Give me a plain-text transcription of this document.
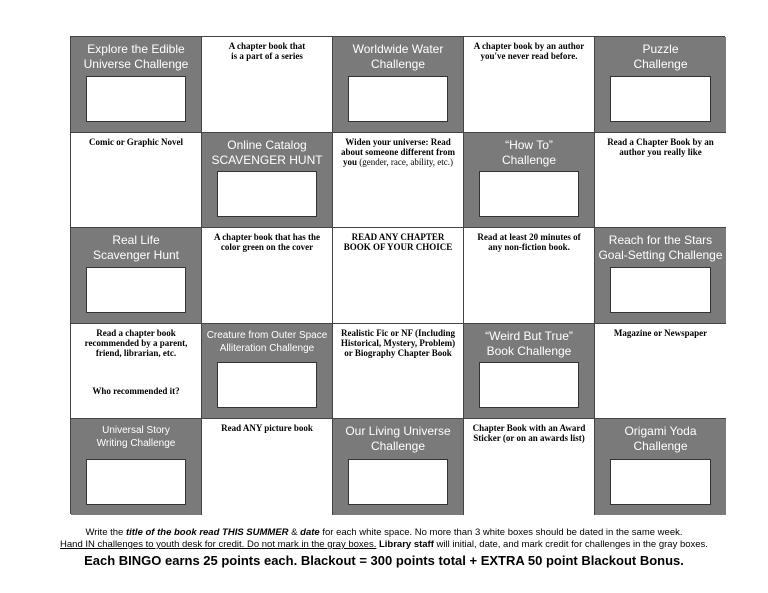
Explore the Edible
Universe Challenge
A chapter book that
is a part of a series	Worldwide Water
Challenge
A chapter book by an author
you've never read before.	Puzzle
Challenge
Comic or Graphic Novel	Online Catalog
SCAVENGER HUNT
Widen your universe: Read
about someone different from
you (gender, race, ability, etc.)
“How To”
Challenge
Read a Chapter Book by an
author you really like
Real Life
Scavenger Hunt
A chapter book that has the
color green on the cover
READ ANY CHAPTER
BOOK OF YOUR CHOICE
Read at least 20 minutes of
any non-fiction book.	Reach for the Stars
Goal-Setting Challenge
Read a chapter book
recommended by a parent,
friend, librarian, etc.
Who recommended it?
Creature from Outer Space
Alliteration Challenge
Realistic Fic or NF (Including
Historical, Mystery, Problem)
or Biography Chapter Book
“Weird But True”
Book Challenge
Magazine or Newspaper
Universal Story
Writing Challenge
Read ANY picture book	Our Living Universe
Challenge
Chapter Book with an Award
Sticker (or on an awards list)	Origami Yoda
Challenge
Write the title of the book read THIS SUMMER & date for each white space. No more than 3 white boxes should be dated in the same week.
Hand IN challenges to youth desk for credit. Do not mark in the gray boxes. Library staff will initial, date, and mark credit for challenges in the gray boxes.
Each BINGO earns 25 points each. Blackout = 300 points total + EXTRA 50 point Blackout Bonus.
